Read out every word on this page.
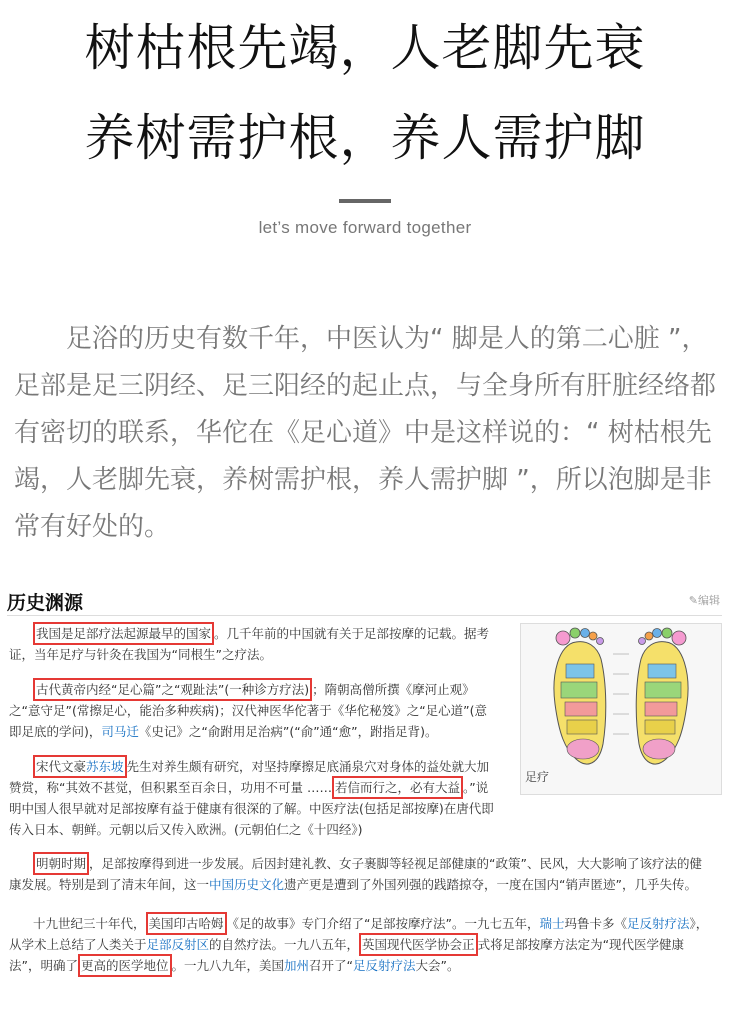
树枯根先竭，人老脚先衰
养树需护根，养人需护脚
let’s move forward together

足浴的历史有数千年，中医认为“ 脚是人的第二心脏 ”，足部是足三阴经、足三阳经的起止点，与全身所有肝脏经络都有密切的联系，华佗在《足心道》中是这样说的：“ 树枯根先竭，人老脚先衰，养树需护根，养人需护脚 ”，所以泡脚是非常有好处的。

历史渊源	✎编辑
足疗

我国是足部疗法起源最早的国家 。几千年前的中国就有关于足部按摩的记载。据考证，当年足疗与针灸在我国为“同根生”之疗法。

古代黄帝内经“足心篇”之“观趾法”(一种诊方疗法) ；隋朝高僧所撰《摩河止观》之“意守足”(常擦足心，能治多种疾病)；汉代神医华佗著于《华佗秘笈》之“足心道”(意即足底的学问)，司马迁《史记》之“俞跗用足治病”(“俞”通“愈”，跗指足背)。

宋代文豪苏东坡 先生对养生颇有研究，对坚持摩擦足底涌泉穴对身体的益处就大加赞赏，称“其效不甚觉，但积累至百余日，功用不可量 …… 若信而行之，必有大益 。”说明中国人很早就对足部按摩有益于健康有很深的了解。中医疗法(包括足部按摩)在唐代即传入日本、朝鲜。元朝以后又传入欧洲。(元朝伯仁之《十四经》)

明朝时期 ，足部按摩得到进一步发展。后因封建礼教、女子裹脚等轻视足部健康的“政策”、民风，大大影响了该疗法的健康发展。特别是到了清末年间，这一中国历史文化遗产更是遭到了外国列强的践踏掠夺，一度在国内“销声匿迹”，几乎失传。

十九世纪三十年代， 美国印古哈姆 《足的故事》专门介绍了“足部按摩疗法”。一九七五年，瑞士玛鲁卡多《足反射疗法》，从学术上总结了人类关于足部反射区的自然疗法。一九八五年， 英国现代医学协会正 式将足部按摩方法定为“现代医学健康法”，明确了 更高的医学地位 。一九八九年，美国加州召开了“足反射疗法大会”。
